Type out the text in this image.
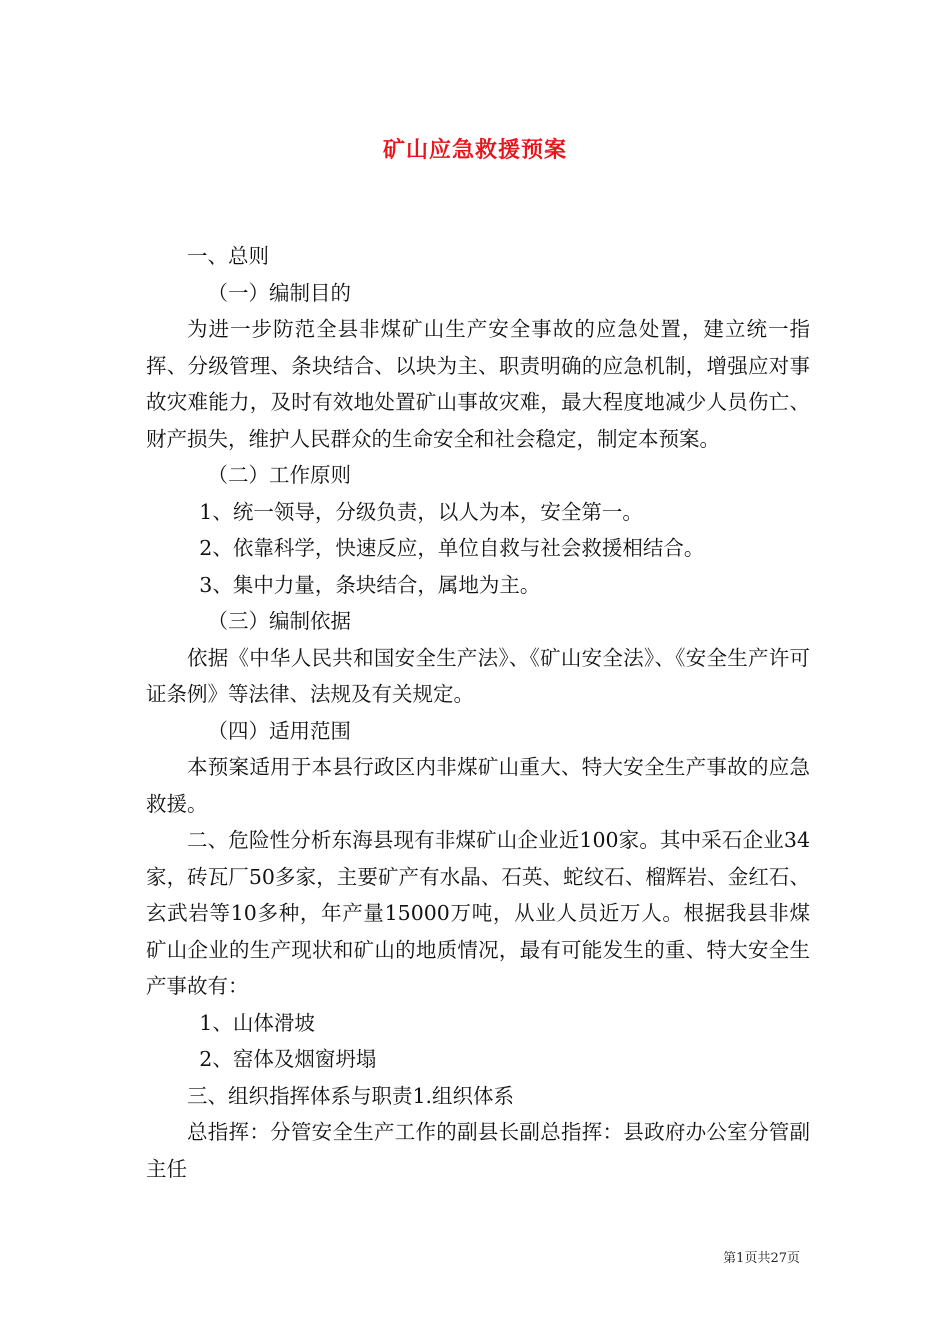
矿山应急救援预案

一、总则

（一）编制目的

为进一步防范全县非煤矿山生产安全事故的应急处置，建立统一指挥、分级管理、条块结合、以块为主、职责明确的应急机制，增强应对事故灾难能力，及时有效地处置矿山事故灾难，最大程度地减少人员伤亡、财产损失，维护人民群众的生命安全和社会稳定，制定本预案。

（二）工作原则

1、统一领导，分级负责，以人为本，安全第一。

2、依靠科学，快速反应，单位自救与社会救援相结合。

3、集中力量，条块结合，属地为主。

（三）编制依据

依据《中华人民共和国安全生产法》、《矿山安全法》、《安全生产许可证条例》等法律、法规及有关规定。

（四）适用范围

本预案适用于本县行政区内非煤矿山重大、特大安全生产事故的应急救援。

二、危险性分析东海县现有非煤矿山企业近100家。其中采石企业34家，砖瓦厂50多家，主要矿产有水晶、石英、蛇纹石、榴辉岩、金红石、玄武岩等10多种，年产量15000万吨，从业人员近万人。根据我县非煤矿山企业的生产现状和矿山的地质情况，最有可能发生的重、特大安全生产事故有：

1、山体滑坡

2、窑体及烟窗坍塌

三、组织指挥体系与职责1.组织体系

总指挥：分管安全生产工作的副县长副总指挥：县政府办公室分管副主任

第1页共27页
